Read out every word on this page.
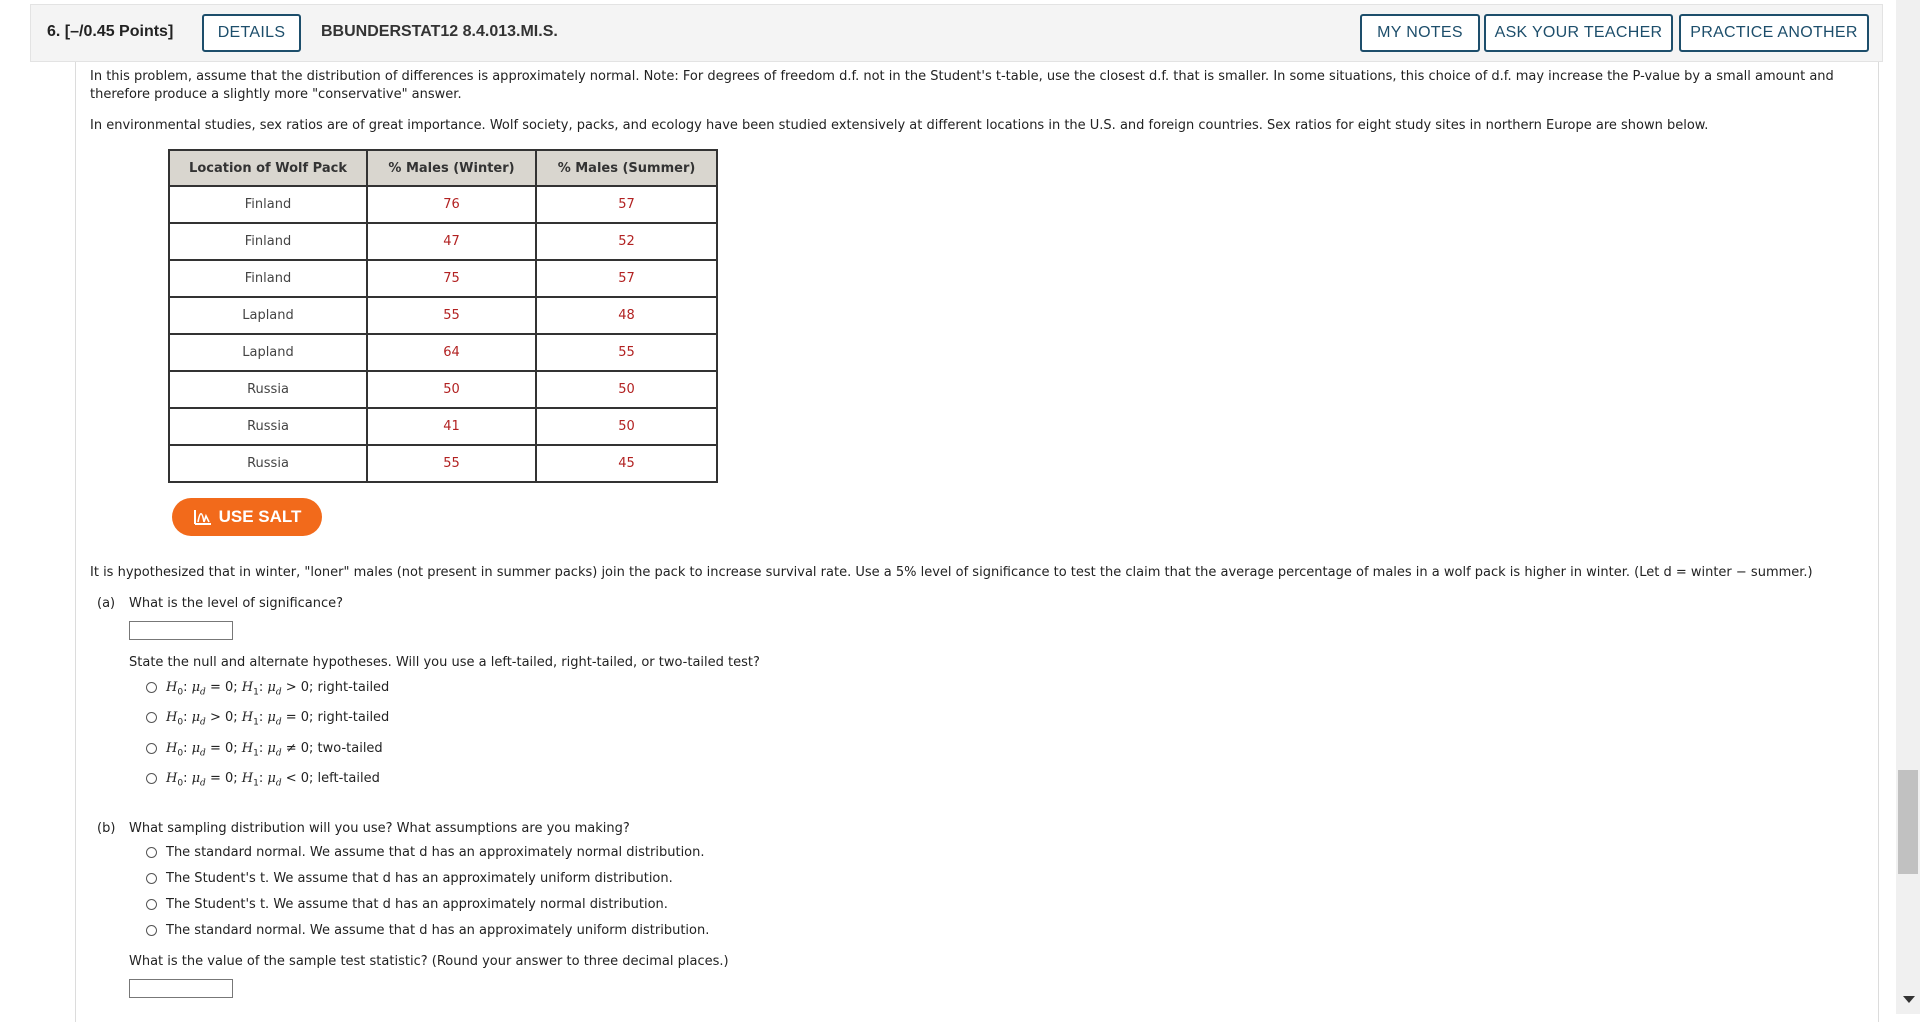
6. [–/0.45 Points]	DETAILS	BBUNDERSTAT12 8.4.013.MI.S.	MY NOTES	ASK YOUR TEACHER	PRACTICE ANOTHER
In this problem, assume that the distribution of differences is approximately normal. Note: For degrees of freedom d.f. not in the Student's t-table, use the closest d.f. that is smaller. In some situations, this choice of d.f. may increase the P-value by a small amount and
therefore produce a slightly more "conservative" answer.
In environmental studies, sex ratios are of great importance. Wolf society, packs, and ecology have been studied extensively at different locations in the U.S. and foreign countries. Sex ratios for eight study sites in northern Europe are shown below.
Location of Wolf Pack	% Males (Winter)	% Males (Summer)
Finland	76	57
Finland	47	52
Finland	75	57
Lapland	55	48
Lapland	64	55
Russia	50	50
Russia	41	50
Russia	55	45
USE SALT
It is hypothesized that in winter, "loner" males (not present in summer packs) join the pack to increase survival rate. Use a 5% level of significance to test the claim that the average percentage of males in a wolf pack is higher in winter. (Let d = winter − summer.)
(a) What is the level of significance?
State the null and alternate hypotheses. Will you use a left-tailed, right-tailed, or two-tailed test?
$H_0$: $\mu_d = 0$; $H_1$: $\mu_d > 0$; right-tailed
$H_0$: $\mu_d > 0$; $H_1$: $\mu_d = 0$; right-tailed
$H_0$: $\mu_d = 0$; $H_1$: $\mu_d \ne 0$; two-tailed
$H_0$: $\mu_d = 0$; $H_1$: $\mu_d < 0$; left-tailed
(b) What sampling distribution will you use? What assumptions are you making?
The standard normal. We assume that d has an approximately normal distribution.
The Student's t. We assume that d has an approximately uniform distribution.
The Student's t. We assume that d has an approximately normal distribution.
The standard normal. We assume that d has an approximately uniform distribution.
What is the value of the sample test statistic? (Round your answer to three decimal places.)
